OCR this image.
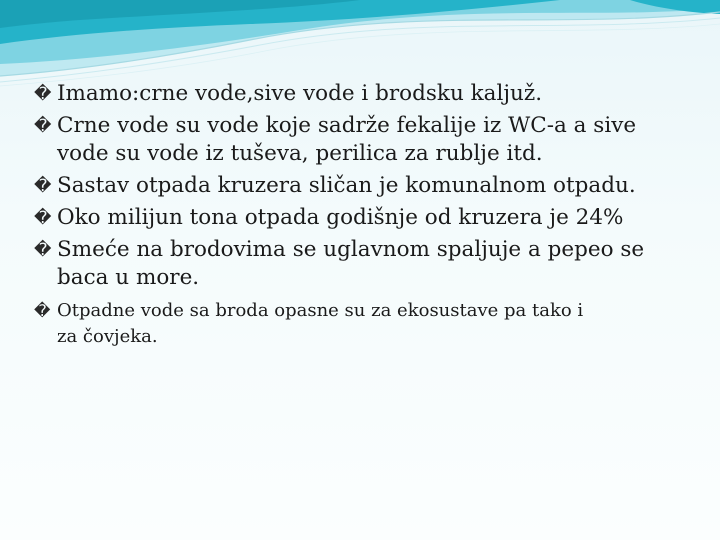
� Imamo:crne vode,sive vode i brodsku kaljuž.
� Crne vode su vode koje sadrže fekalije iz WC-a a sive
vode su vode iz tuševa, perilica za rublje itd.
� Sastav otpada kruzera sličan je komunalnom otpadu.
� Oko milijun tona otpada godišnje od kruzera je 24%
� Smeće na brodovima se uglavnom spaljuje a pepeo se
baca u more.
� Otpadne vode sa broda opasne su za ekosustave pa tako i
za čovjeka.
